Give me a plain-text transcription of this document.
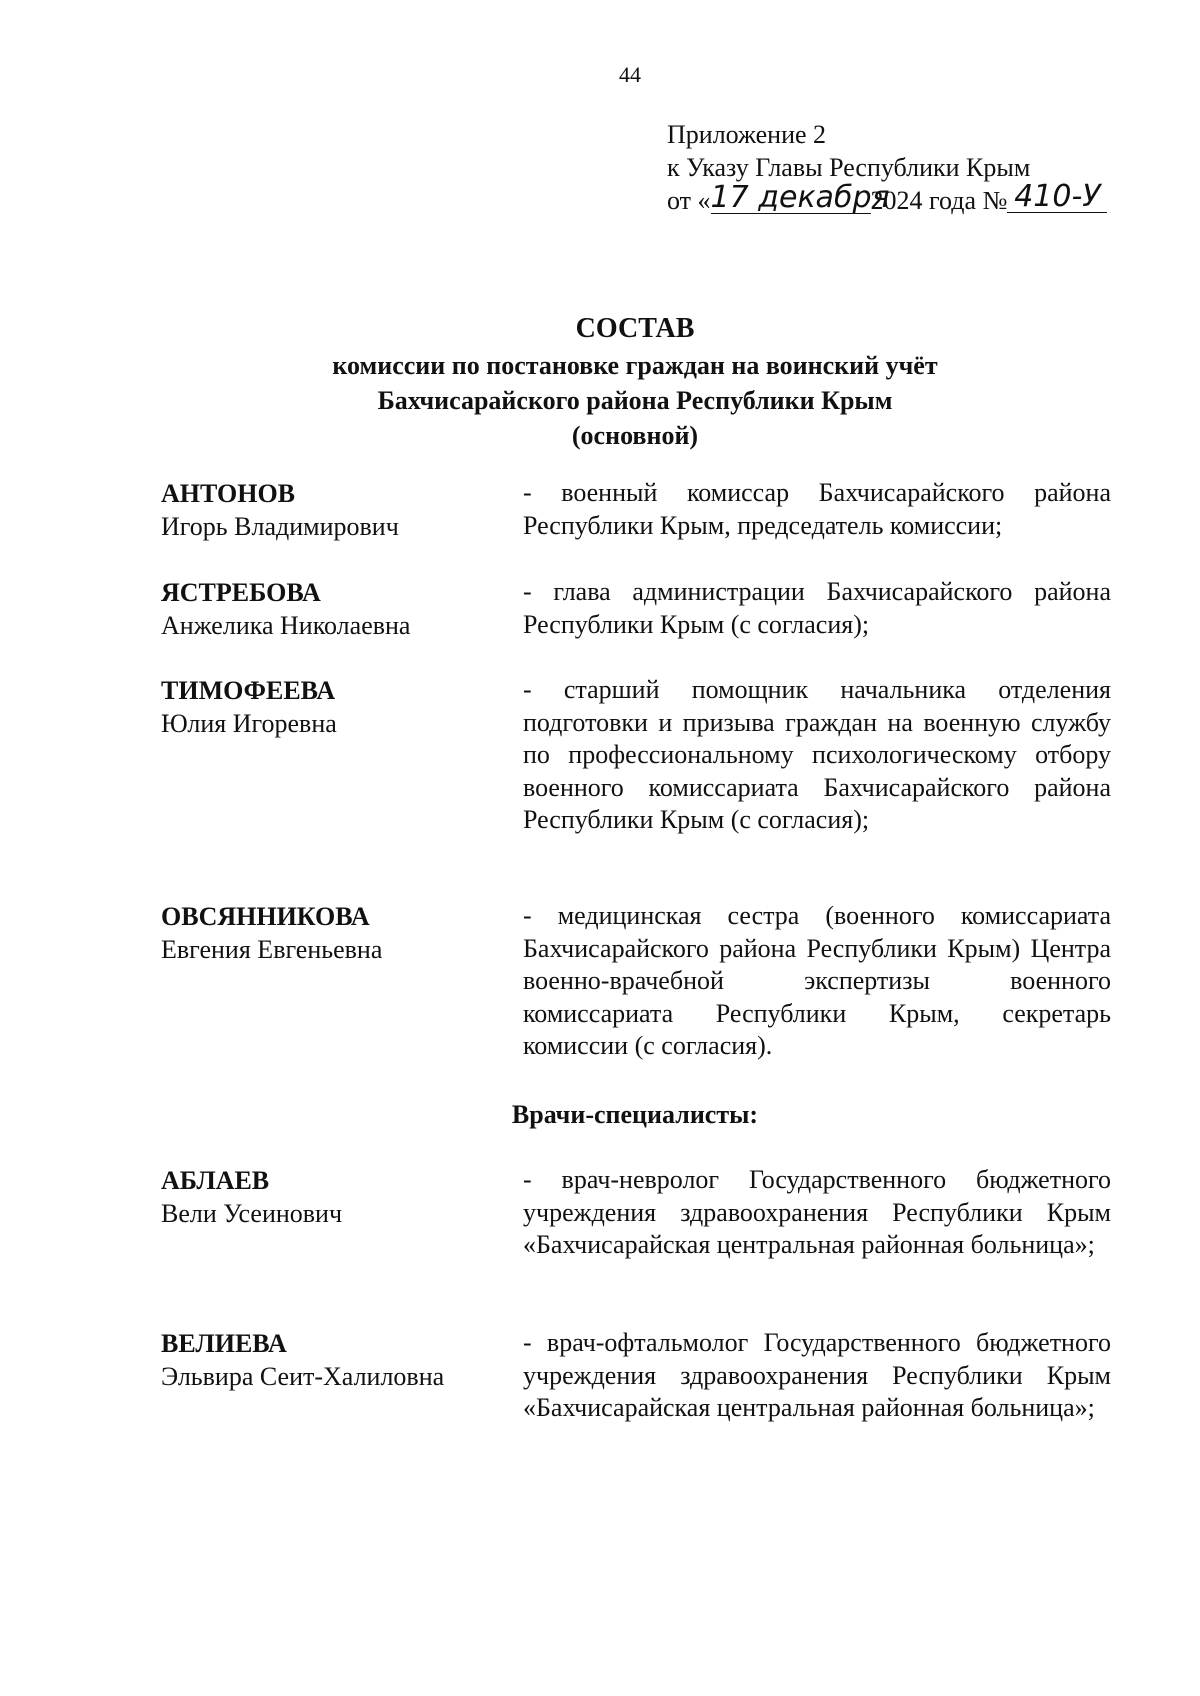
44
Приложение 2
к Указу Главы Республики Крым
от «17 декабря2024 года № 410-У
СОСТАВ
комиссии по постановке граждан на воинский учёт
Бахчисарайского района Республики Крым
(основной)
АНТОНОВ
Игорь Владимирович
- военный комиссар Бахчисарайского района Республики Крым, председатель комиссии;
ЯСТРЕБОВА
Анжелика Николаевна
- глава администрации Бахчисарайского района Республики Крым (с согласия);
ТИМОФЕЕВА
Юлия Игоревна
- старший помощник начальника отделения подготовки и призыва граждан на военную службу по профессиональному психологическому отбору военного комиссариата Бахчисарайского района Республики Крым (с согласия);
ОВСЯННИКОВА
Евгения Евгеньевна
- медицинская сестра (военного комиссариата Бахчисарайского района Республики Крым) Центра военно-врачебной экспертизы военного комиссариата Республики Крым, секретарь комиссии (с согласия).
Врачи-специалисты:
АБЛАЕВ
Вели Усеинович
- врач-невролог Государственного бюджетного учреждения здравоохранения Республики Крым «Бахчисарайская центральная районная больница»;
ВЕЛИЕВА
Эльвира Сеит-Халиловна
- врач-офтальмолог Государственного бюджетного учреждения здравоохранения Республики Крым «Бахчисарайская центральная районная больница»;
